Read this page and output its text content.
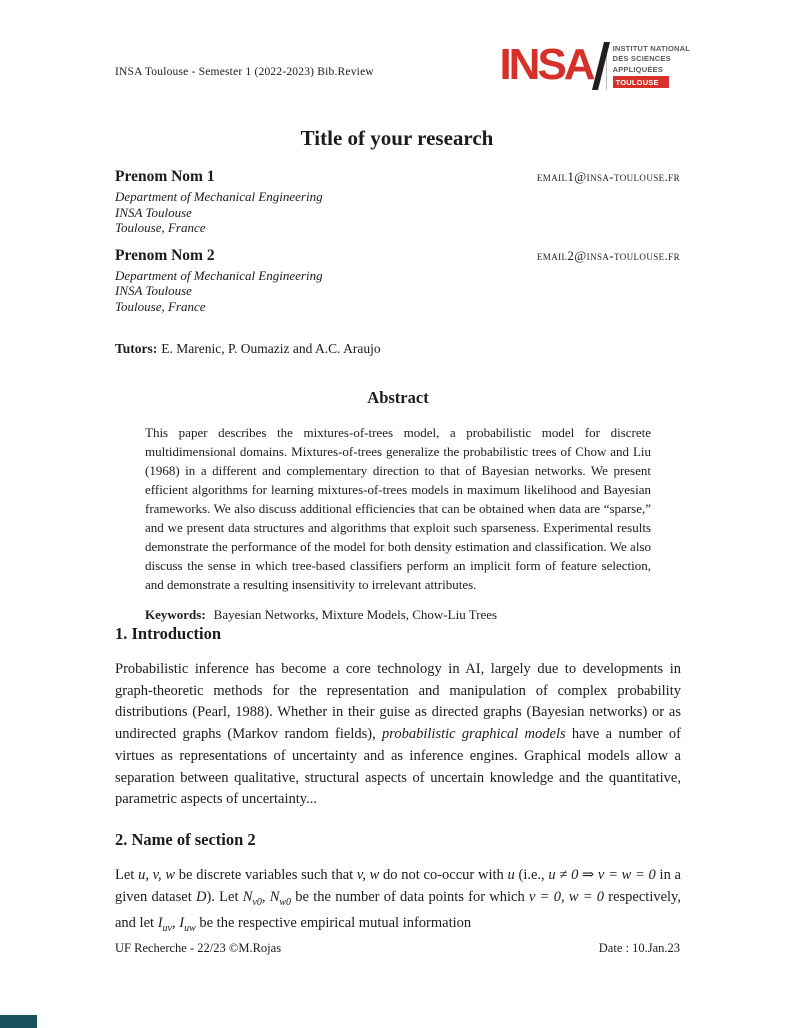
INSA Toulouse - Semester 1 (2022-2023) Bib.Review	INSA	INSTITUT NATIONAL
DES SCIENCES
APPLIQUÉES
TOULOUSE
Title of your research
Prenom Nom 1	email1@insa-toulouse.fr
Department of Mechanical Engineering
INSA Toulouse
Toulouse, France
Prenom Nom 2	email2@insa-toulouse.fr
Department of Mechanical Engineering
INSA Toulouse
Toulouse, France
Tutors: E. Marenic, P. Oumaziz and A.C. Araujo
Abstract
This paper describes the mixtures-of-trees model, a probabilistic model for discrete multidimensional domains. Mixtures-of-trees generalize the probabilistic trees of Chow and Liu (1968) in a different and complementary direction to that of Bayesian networks. We present efficient algorithms for learning mixtures-of-trees models in maximum likelihood and Bayesian frameworks. We also discuss additional efficiencies that can be obtained when data are “sparse,” and we present data structures and algorithms that exploit such sparseness. Experimental results demonstrate the performance of the model for both density estimation and classification. We also discuss the sense in which tree-based classifiers perform an implicit form of feature selection, and demonstrate a resulting insensitivity to irrelevant attributes.
Keywords: Bayesian Networks, Mixture Models, Chow-Liu Trees
1. Introduction

Probabilistic inference has become a core technology in AI, largely due to developments in graph-theoretic methods for the representation and manipulation of complex probability distributions (Pearl, 1988). Whether in their guise as directed graphs (Bayesian networks) or as undirected graphs (Markov random fields), probabilistic graphical models have a number of virtues as representations of uncertainty and as inference engines. Graphical models allow a separation between qualitative, structural aspects of uncertain knowledge and the quantitative, parametric aspects of uncertainty...

2. Name of section 2

Let u, v, w be discrete variables such that v, w do not co-occur with u (i.e., u ≠ 0 ⇒ v = w = 0 in a given dataset D). Let $N_{v0}$, $N_{w0}$ be the number of data points for which v = 0, w = 0 respectively, and let $I_{uv}$, $I_{uw}$ be the respective empirical mutual information

UF Recherche - 22/23 ©M.Rojas	Date : 10.Jan.23
